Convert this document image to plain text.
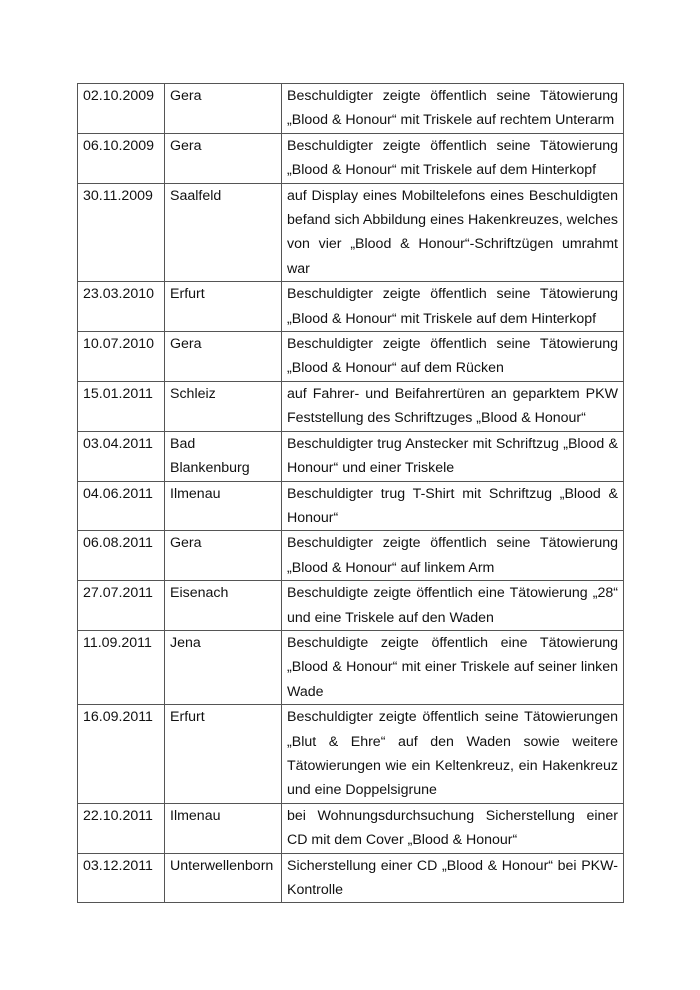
02.10.2009	Gera	Beschuldigter zeigte öffentlich seine Tätowierung „Blood & Honour“ mit Triskele auf rechtem Unterarm
06.10.2009	Gera	Beschuldigter zeigte öffentlich seine Tätowierung „Blood & Honour“ mit Triskele auf dem Hinterkopf
30.11.2009	Saalfeld	auf Display eines Mobiltelefons eines Beschuldigten befand sich Abbildung eines Hakenkreuzes, welches von vier „Blood & Honour“-Schriftzügen umrahmt war
23.03.2010	Erfurt	Beschuldigter zeigte öffentlich seine Tätowierung „Blood & Honour“ mit Triskele auf dem Hinterkopf
10.07.2010	Gera	Beschuldigter zeigte öffentlich seine Tätowierung „Blood & Honour“ auf dem Rücken
15.01.2011	Schleiz	auf Fahrer- und Beifahrertüren an geparktem PKW Feststellung des Schriftzuges „Blood & Honour“
03.04.2011	Bad Blankenburg	Beschuldigter trug Anstecker mit Schriftzug „Blood & Honour“ und einer Triskele
04.06.2011	Ilmenau	Beschuldigter trug T-Shirt mit Schriftzug „Blood & Honour“
06.08.2011	Gera	Beschuldigter zeigte öffentlich seine Tätowierung „Blood & Honour“ auf linkem Arm
27.07.2011	Eisenach	Beschuldigte zeigte öffentlich eine Tätowierung „28“ und eine Triskele auf den Waden
11.09.2011	Jena	Beschuldigte zeigte öffentlich eine Tätowierung „Blood & Honour“ mit einer Triskele auf seiner linken Wade
16.09.2011	Erfurt	Beschuldigter zeigte öffentlich seine Tätowierungen „Blut & Ehre“ auf den Waden sowie weitere Tätowierungen wie ein Keltenkreuz, ein Hakenkreuz und eine Doppelsigrune
22.10.2011	Ilmenau	bei Wohnungsdurchsuchung Sicherstellung einer CD mit dem Cover „Blood & Honour“
03.12.2011	Unterwellenborn	Sicherstellung einer CD „Blood & Honour“ bei PKW-Kontrolle
